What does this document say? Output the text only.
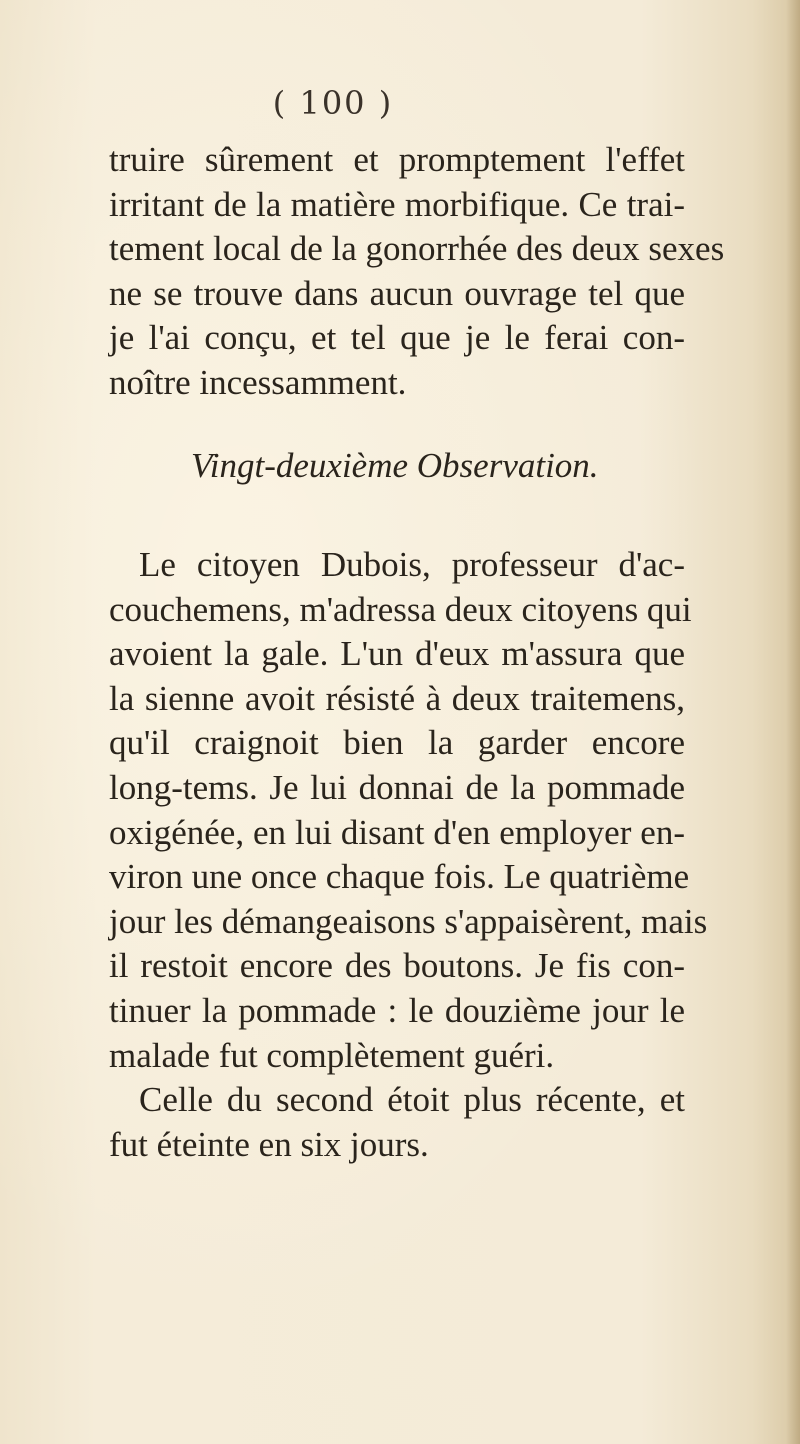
( 100 )
truire sûrement et promptement l'effet
irritant de la matière morbifique. Ce trai-
tement local de la gonorrhée des deux sexes
ne se trouve dans aucun ouvrage tel que
je l'ai conçu, et tel que je le ferai con-
noître incessamment.
Vingt-deuxième Observation.
Le citoyen Dubois, professeur d'ac-
couchemens, m'adressa deux citoyens qui
avoient la gale. L'un d'eux m'assura que
la sienne avoit résisté à deux traitemens,
qu'il craignoit bien la garder encore
long-tems. Je lui donnai de la pommade
oxigénée, en lui disant d'en employer en-
viron une once chaque fois. Le quatrième
jour les démangeaisons s'appaisèrent, mais
il restoit encore des boutons. Je fis con-
tinuer la pommade : le douzième jour le
malade fut complètement guéri.
Celle du second étoit plus récente, et
fut éteinte en six jours.
